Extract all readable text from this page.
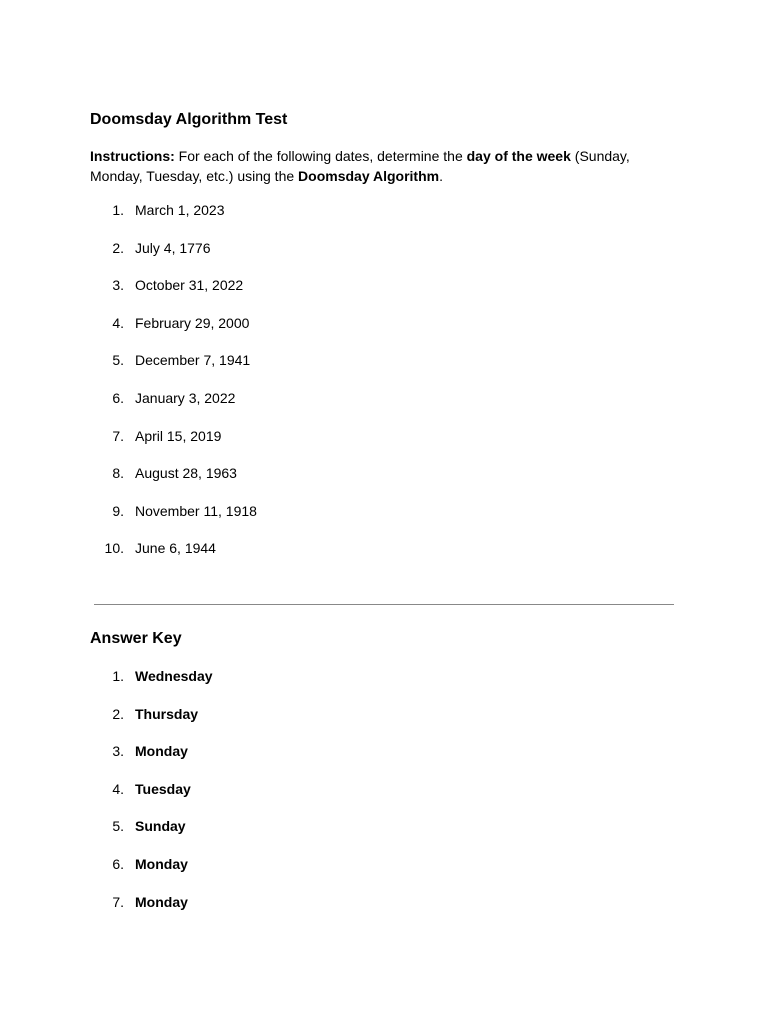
Doomsday Algorithm Test

Instructions: For each of the following dates, determine the day of the week (Sunday, Monday, Tuesday, etc.) using the Doomsday Algorithm.

1. March 1, 2023
2. July 4, 1776
3. October 31, 2022
4. February 29, 2000
5. December 7, 1941
6. January 3, 2022
7. April 15, 2019
8. August 28, 1963
9. November 11, 1918
10. June 6, 1944
Answer Key
1. Wednesday
2. Thursday
3. Monday
4. Tuesday
5. Sunday
6. Monday
7. Monday
